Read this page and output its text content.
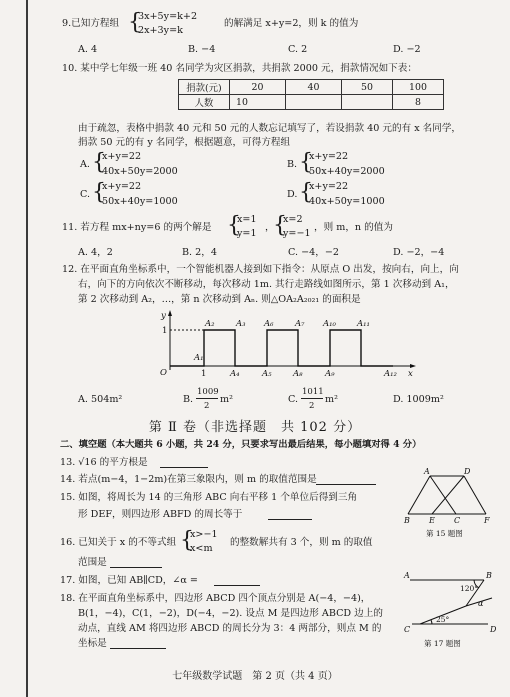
9.已知方程组 {
3x+5y=k+2
2x+3y=k
的解满足 x+y=2，则 k 的值为
A. 4	B. −4	C. 2	D. −2
10. 某中学七年级一班 40 名同学为灾区捐款，共捐款 2000 元，捐款情况如下表：
捐款(元)	20	40	50	100
人数	10			8
由于疏忽，表格中捐款 40 元和 50 元的人数忘记填写了，若设捐款 40 元的有 x 名同学，
捐款 50 元的有 y 名同学，根据题意，可得方程组
A. {
x+y=22
40x+50y=2000
B. {
x+y=22
50x+40y=2000
C. {
x+y=22
50x+40y=1000
D. {
x+y=22
40x+50y=1000
11. 若方程 mx+ny=6 的两个解是 {
x=1
y=1
，
{
x=2
y=−1
，则 m，n 的值为
A. 4，2	B. 2，4	C. −4，−2	D. −2，−4
12. 在平面直角坐标系中，一个智能机器人接到如下指令：从原点 O 出发，按向右，向上，向
右，向下的方向依次不断移动，每次移动 1m. 其行走路线如图所示，第 1 次移动到 A₁，
第 2 次移动到 A₂，…，第 n 次移动到 Aₙ. 则△OA₂A₂₀₂₁ 的面积是
y
x
O
1
1
A₁
A₂	A₃ A₆	A₇ A₁₀ A₁₁
A₄	A₅	A₈	A₉	A₁₂
A. 504m²	B.
1009
2
m²	C.
1011
2
m²	D. 1009m²
第 Ⅱ 卷（非选择题　共 102 分）
二、填空题（本大题共 6 小题，共 24 分，只要求写出最后结果，每小题填对得 4 分）
13. √16 的平方根是
14. 若点(m−4，1−2m)在第三象限内，则 m 的取值范围是
15. 如图，将周长为 14 的三角形 ABC 向右平移 1 个单位后得到三角
形 DEF，则四边形 ABFD 的周长等于
A	D
B E C	F
第 15 题图
16. 已知关于 x 的不等式组 {
x>−1
x<m
的整数解共有 3 个，则 m 的取值
范围是
17. 如图，已知 AB∥CD，∠α =
18. 在平面直角坐标系中，四边形 ABCD 四个顶点分别是 A(−4，−4)，
B(1，−4)，C(1，−2)，D(−4，−2). 设点 M 是四边形 ABCD 边上的
动点，直线 AM 将四边形 ABCD 的周长分为 3：4 两部分，则点 M 的
坐标是
A	B
C	D
120°
25°
α
第 17 题图
七年级数学试题　第 2 页（共 4 页）
